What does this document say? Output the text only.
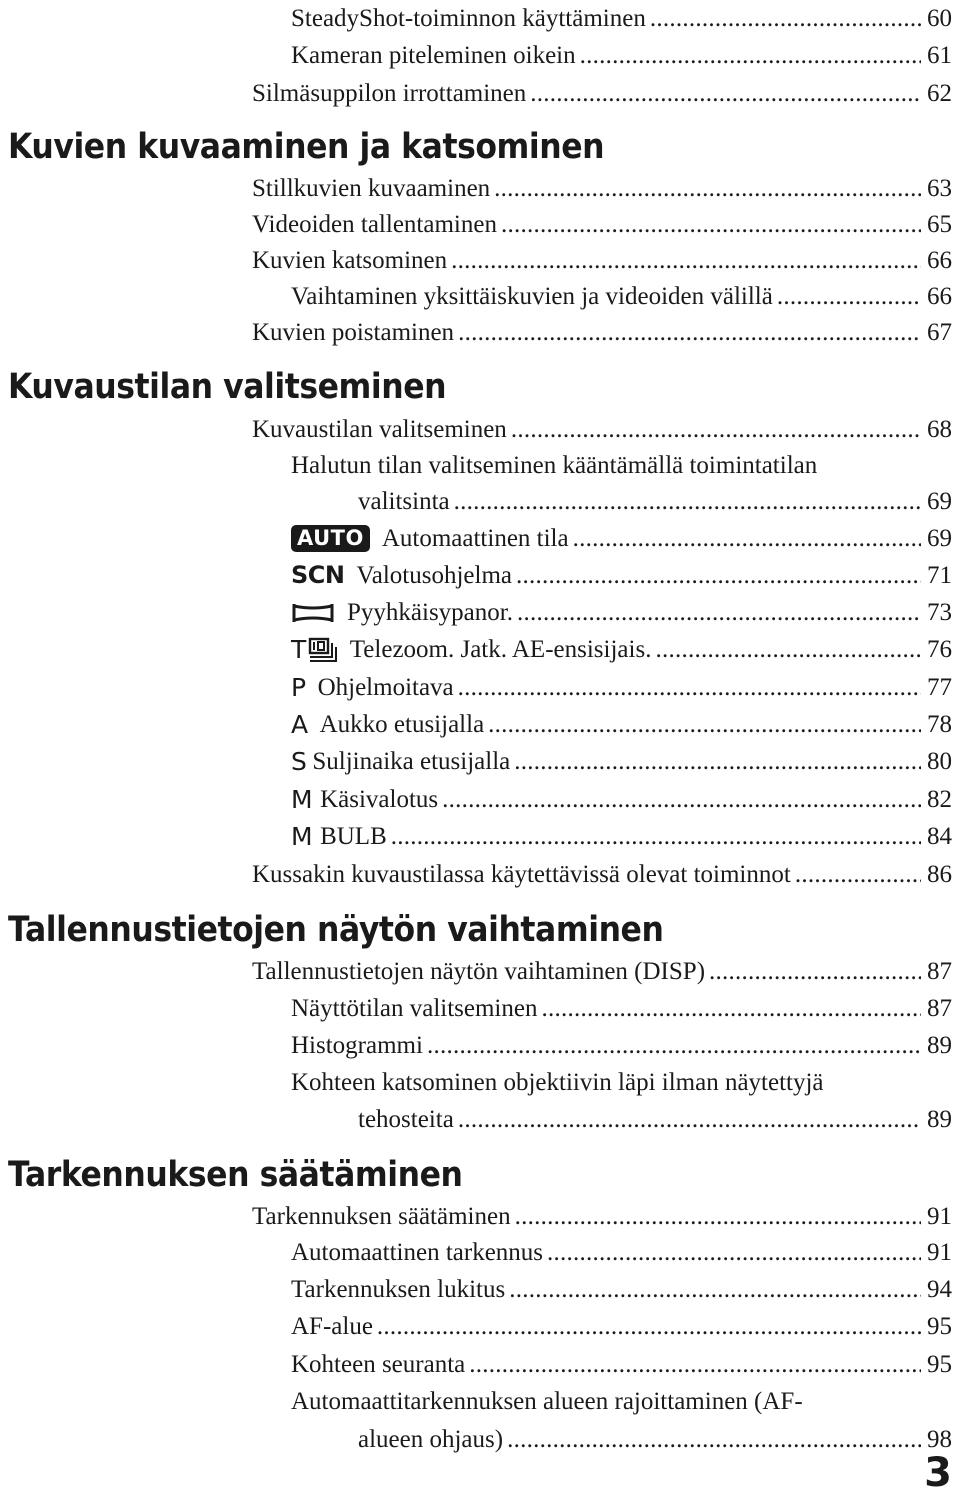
SteadyShot-toiminnon käyttäminen . . .	60
Kameran piteleminen oikein . . .	61
Silmäsuppilon irrottaminen . . .	62
Kuvien kuvaaminen ja katsominen
Stillkuvien kuvaaminen . . .	63
Videoiden tallentaminen . . .	65
Kuvien katsominen . . .	66
Vaihtaminen yksittäiskuvien ja videoiden välillä . . .	66
Kuvien poistaminen . . .	67
Kuvaustilan valitseminen
Kuvaustilan valitseminen . . .	68
Halutun tilan valitseminen kääntämällä toimintatilan
valitsinta . . .	69
AUTO Automaattinen tila . . .	69
SCN Valotusohjelma . . .	71
Pyyhkäisypanor. . . .	73
T Telezoom. Jatk. AE-ensisijais. . . .	76
P Ohjelmoitava . . .	77
A Aukko etusijalla . . .	78
S Suljinaika etusijalla . . .	80
M Käsivalotus . . .	82
M BULB . . .	84
Kussakin kuvaustilassa käytettävissä olevat toiminnot . . .	86
Tallennustietojen näytön vaihtaminen
Tallennustietojen näytön vaihtaminen (DISP) . . .	87
Näyttötilan valitseminen . . .	87
Histogrammi . . .	89
Kohteen katsominen objektiivin läpi ilman näytettyjä
tehosteita . . .	89
Tarkennuksen säätäminen
Tarkennuksen säätäminen . . .	91
Automaattinen tarkennus . . .	91
Tarkennuksen lukitus . . .	94
AF-alue . . .	95
Kohteen seuranta . . .	95
Automaattitarkennuksen alueen rajoittaminen (AF-
alueen ohjaus) . . .	98
3
